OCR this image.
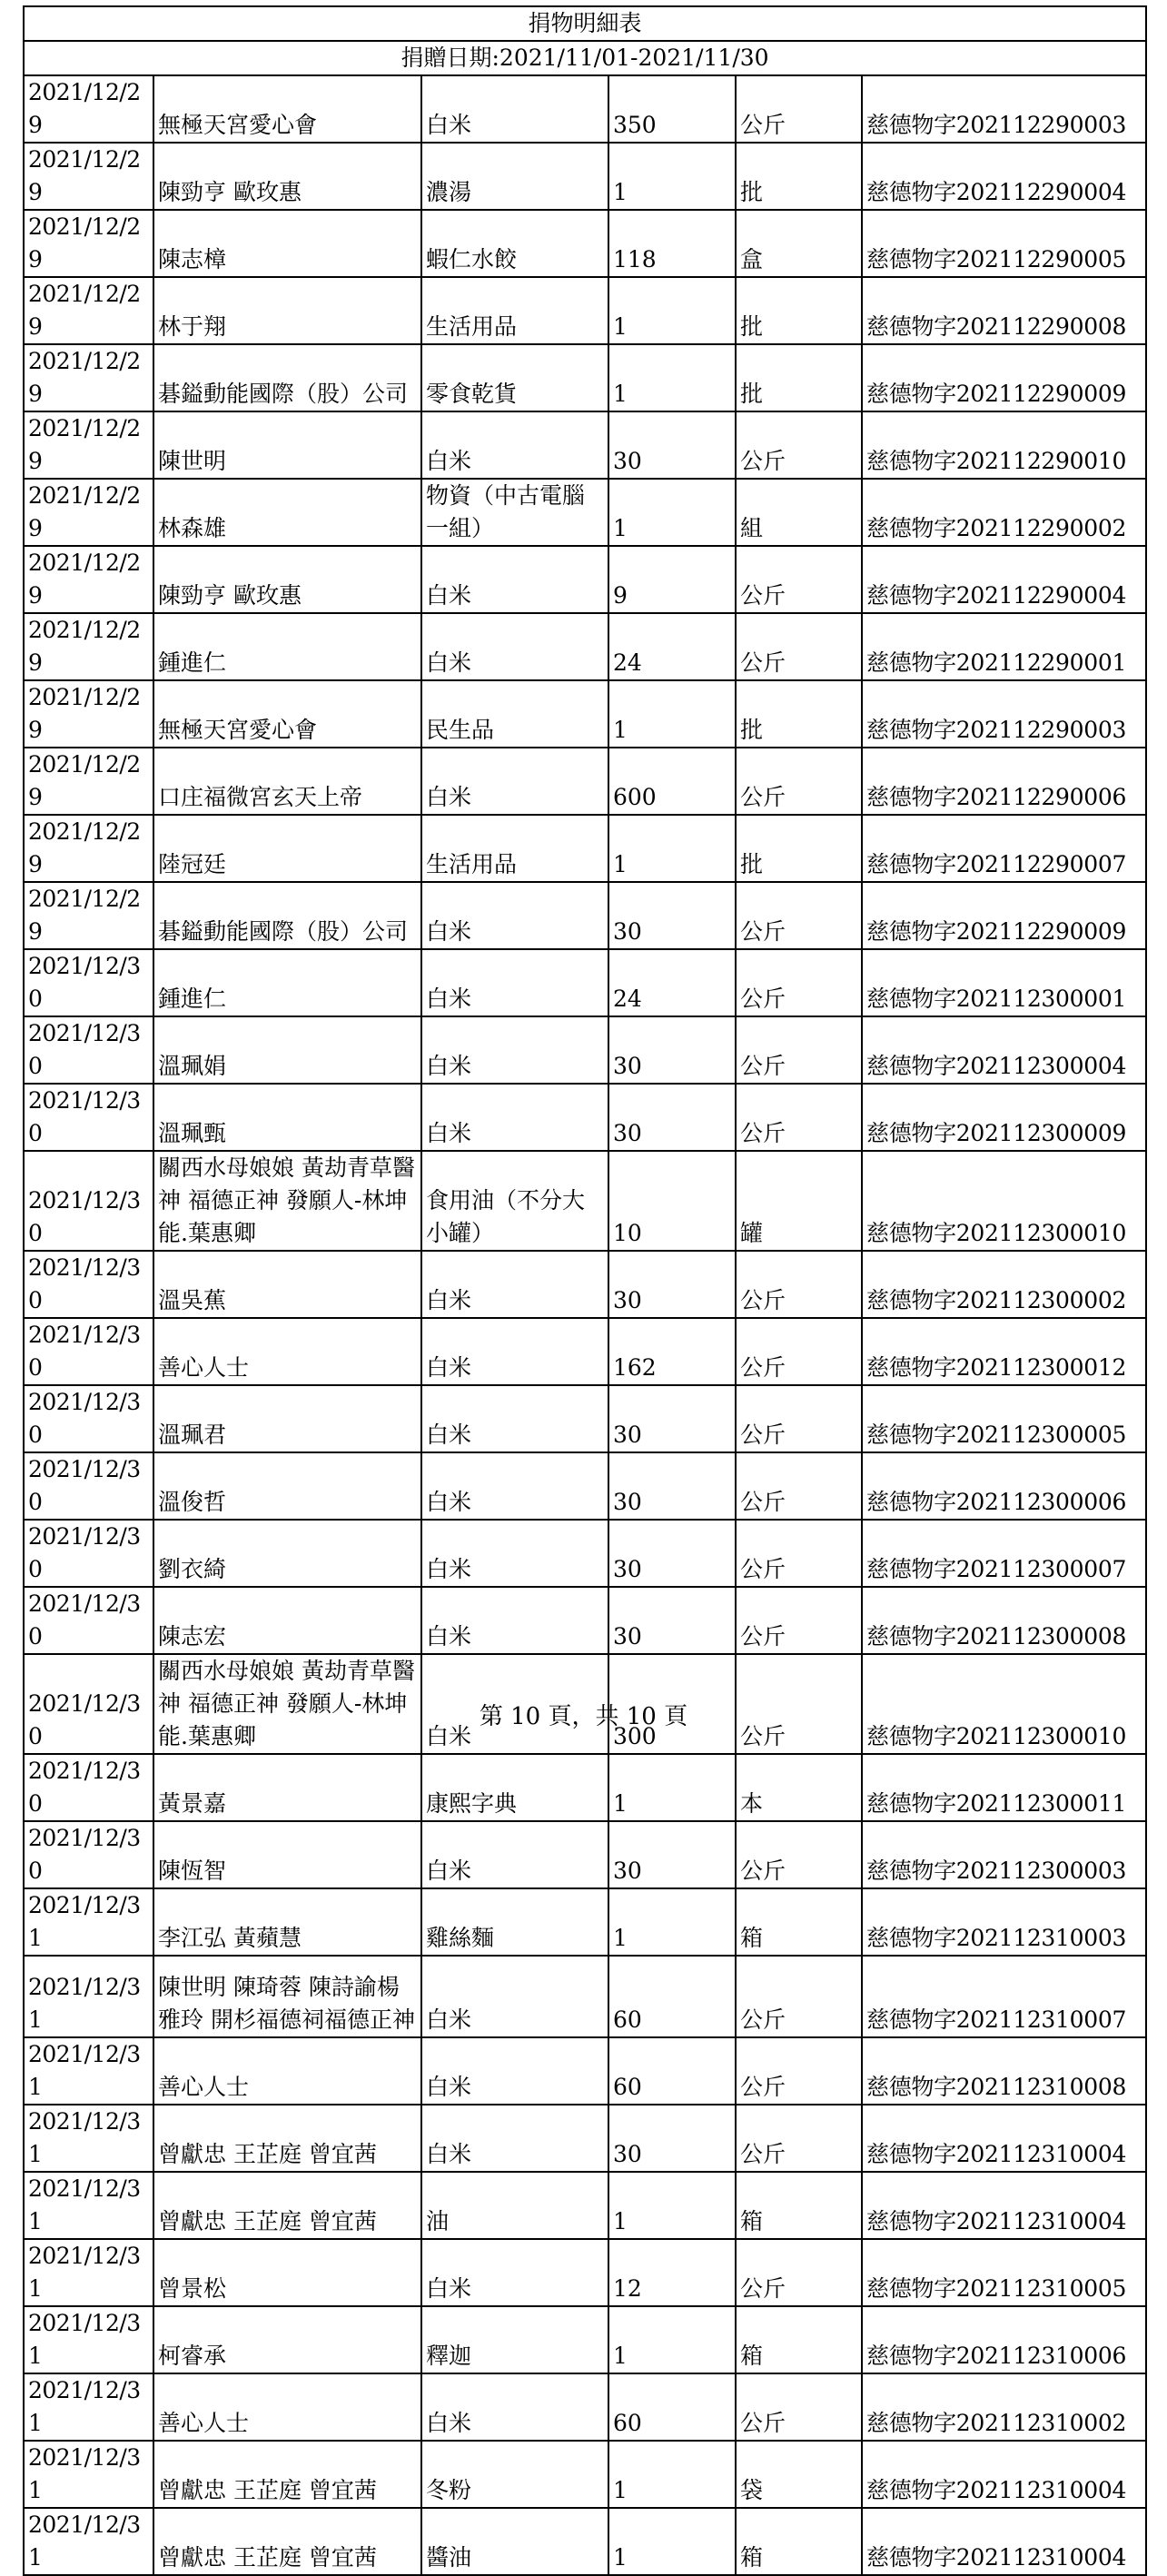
捐物明細表					
捐贈日期:2021/11/01-2021/11/30					
2021/12/29	無極天宮愛心會	白米	350	公斤	慈德物字202112290003
2021/12/29	陳勁亨 歐玫惠	濃湯	1	批	慈德物字202112290004
2021/12/29	陳志樟	蝦仁水餃	118	盒	慈德物字202112290005
2021/12/29	林于翔	生活用品	1	批	慈德物字202112290008
2021/12/29	碁鎰動能國際（股）公司	零食乾貨	1	批	慈德物字202112290009
2021/12/29	陳世明	白米	30	公斤	慈德物字202112290010
2021/12/29	林森雄	物資（中古電腦一組）	1	組	慈德物字202112290002
2021/12/29	陳勁亨 歐玫惠	白米	9	公斤	慈德物字202112290004
2021/12/29	鍾進仁	白米	24	公斤	慈德物字202112290001
2021/12/29	無極天宮愛心會	民生品	1	批	慈德物字202112290003
2021/12/29	口庄福微宮玄天上帝	白米	600	公斤	慈德物字202112290006
2021/12/29	陸冠廷	生活用品	1	批	慈德物字202112290007
2021/12/29	碁鎰動能國際（股）公司	白米	30	公斤	慈德物字202112290009
2021/12/30	鍾進仁	白米	24	公斤	慈德物字202112300001
2021/12/30	溫珮娟	白米	30	公斤	慈德物字202112300004
2021/12/30	溫珮甄	白米	30	公斤	慈德物字202112300009
2021/12/30	關西水母娘娘 黃劫青草醫神 福德正神 發願人-林坤能.葉惠卿	食用油（不分大小罐）	10	罐	慈德物字202112300010
2021/12/30	溫吳蕉	白米	30	公斤	慈德物字202112300002
2021/12/30	善心人士	白米	162	公斤	慈德物字202112300012
2021/12/30	溫珮君	白米	30	公斤	慈德物字202112300005
2021/12/30	溫俊哲	白米	30	公斤	慈德物字202112300006
2021/12/30	劉衣綺	白米	30	公斤	慈德物字202112300007
2021/12/30	陳志宏	白米	30	公斤	慈德物字202112300008
2021/12/30	關西水母娘娘 黃劫青草醫神 福德正神 發願人-林坤能.葉惠卿	白米	300	公斤	慈德物字202112300010
2021/12/30	黃景嘉	康熙字典	1	本	慈德物字202112300011
2021/12/30	陳恆智	白米	30	公斤	慈德物字202112300003
2021/12/31	李江弘 黃蘋慧	雞絲麵	1	箱	慈德物字202112310003
2021/12/31	陳世明 陳琦蓉 陳詩諭楊雅玲 開杉福德祠福德正神	白米	60	公斤	慈德物字202112310007
2021/12/31	善心人士	白米	60	公斤	慈德物字202112310008
2021/12/31	曾獻忠 王芷庭 曾宜茜	白米	30	公斤	慈德物字202112310004
2021/12/31	曾獻忠 王芷庭 曾宜茜	油	1	箱	慈德物字202112310004
2021/12/31	曾景松	白米	12	公斤	慈德物字202112310005
2021/12/31	柯睿承	釋迦	1	箱	慈德物字202112310006
2021/12/31	善心人士	白米	60	公斤	慈德物字202112310002
2021/12/31	曾獻忠 王芷庭 曾宜茜	冬粉	1	袋	慈德物字202112310004
2021/12/31	曾獻忠 王芷庭 曾宜茜	醬油	1	箱	慈德物字202112310004
第 10 頁，共 10 頁
